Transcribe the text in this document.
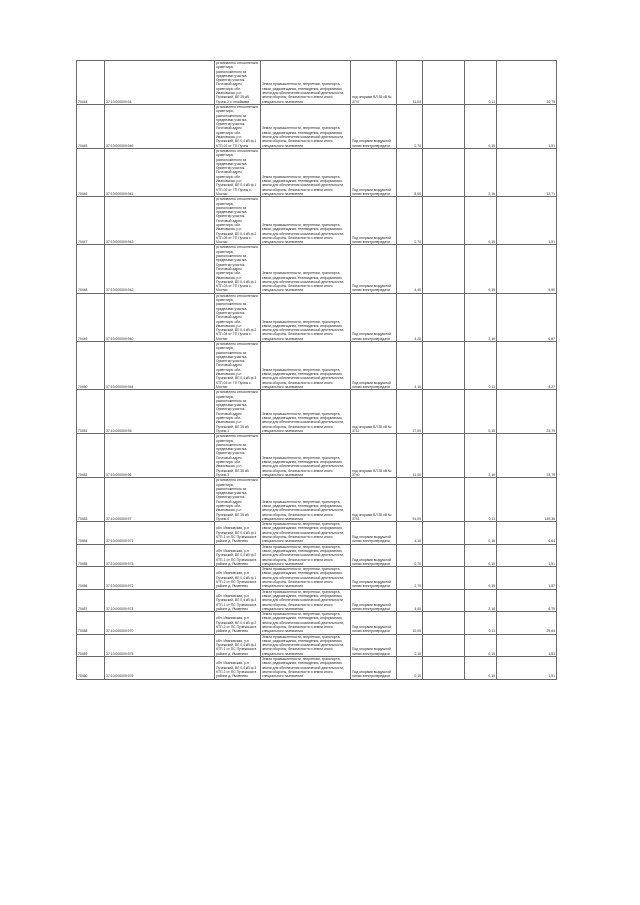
70444	37:10:000000:94	установлено относительно ориентира, расположенного за пределами участка. Ориентир участок. Почтовый адрес ориентира: обл. Ивановская, р-н Пучежский, ВЛ 35 кВ Пучеж-2 с отпайками	Земли промышленности, энергетики, транспорта, связи, радиовещания, телевидения, информатики, земли для обеспечения космической деятельности, земли обороны, безопасности и земли иного специального назначения	под опорами ВЛ 35 кВ № 3747	11,00		0,11	20,79
70445	37:10:000000:946	установлено относительно ориентира, расположенного за пределами участка. Ориентир участок. Почтовый адрес ориентира: обл. Ивановская, р-н Пучежский, ВЛ 0,4 кВ ф.1 КТП-01 от ТП Пучеж	Земли промышленности, энергетики, транспорта, связи, радиовещания, телевидения, информатики, земли для обеспечения космической деятельности, земли обороны, безопасности и земли иного специального назначения	Под опорами воздушной линии электропередачи	0,70		0,15	1,51
70446	37:10:000000:941	установлено относительно ориентира, расположенного за пределами участка. Ориентир участок. Почтовый адрес ориентира: обл. Ивановская, р-н Пучежский, ВЛ 0,4 кВ ф.1 КТП-02 от ТП Пучеж с. Мостки	Земли промышленности, энергетики, транспорта, связи, радиовещания, телевидения, информатики, земли для обеспечения космической деятельности, земли обороны, безопасности и земли иного специального назначения	Под опорами воздушной линии электропередачи	8,00		2,16	12,71
70447	37:10:000000:943	установлено относительно ориентира, расположенного за пределами участка. Ориентир участок. Почтовый адрес ориентира: обл. Ивановская, р-н Пучежский, ВЛ 0,4 кВ ф.2 КТП-05 от ТП Пучеж с. Мостки	Земли промышленности, энергетики, транспорта, связи, радиовещания, телевидения, информатики, земли для обеспечения космической деятельности, земли обороны, безопасности и земли иного специального назначения	Под опорами воздушной линии электропередачи	0,70		0,15	1,51
70448	37:10:000000:942	установлено относительно ориентира, расположенного за пределами участка. Ориентир участок. Почтовый адрес ориентира: обл. Ивановская, р-н Пучежский, ВЛ 0,4 кВ ф.1 КТП-03 от ТП Пучеж с. Мостки	Земли промышленности, энергетики, транспорта, связи, радиовещания, телевидения, информатики, земли для обеспечения космической деятельности, земли обороны, безопасности и земли иного специального назначения	Под опорами воздушной линии электропередачи	4,40		0,15	9,50
70449	37:10:000000:940	установлено относительно ориентира, расположенного за пределами участка. Ориентир участок. Почтовый адрес ориентира: обл. Ивановская, р-н Пучежский, ВЛ 0,4 кВ ф.2 КТП-04 от ТП Пучеж с. Мостки	Земли промышленности, энергетики, транспорта, связи, радиовещания, телевидения, информатики, земли для обеспечения космической деятельности, земли обороны, безопасности и земли иного специального назначения	Под опорами воздушной линии электропередачи	4,20		2,16	6,67
70450	37:10:000000:944	установлено относительно ориентира, расположенного за пределами участка. Ориентир участок. Почтовый адрес ориентира: обл. Ивановская, р-н Пучежский, ВЛ 0,4 кВ ф.3 КТП-03 от ТП Пучеж с. Мостки	Земли промышленности, энергетики, транспорта, связи, радиовещания, телевидения, информатики, земли для обеспечения космической деятельности, земли обороны, безопасности и земли иного специального назначения	Под опорами воздушной линии электропередачи	4,10		0,11	4,27
70451	37:10:000000:95	установлено относительно ориентира, расположенного за пределами участка. Ориентир участок. Почтовый адрес ориентира: обл. Ивановская, р-н Пучежский, ВЛ 35 кВ Пучеж-1	Земли промышленности, энергетики, транспорта, связи, радиовещания, телевидения, информатики, земли для обеспечения космической деятельности, земли обороны, безопасности и земли иного специального назначения	под опорами ВЛ 35 кВ № 3711	17,00		0,15	23,79
70452	37:10:000000:96	установлено относительно ориентира, расположенного за пределами участка. Ориентир участок. Почтовый адрес ориентира: обл. Ивановская, р-н Пучежский, ВЛ 35 кВ Пучеж-3	Земли промышленности, энергетики, транспорта, связи, радиовещания, телевидения, информатики, земли для обеспечения космической деятельности, земли обороны, безопасности и земли иного специального назначения	под опорами ВЛ 35 кВ № 3740	11,00		2,16	23,79
70453	37:10:000000:97	установлено относительно ориентира, расположенного за пределами участка. Ориентир участок. Почтовый адрес ориентира: обл. Ивановская, р-н Пучежский, ВЛ 35 кВ Пучеж-4	Земли промышленности, энергетики, транспорта, связи, радиовещания, телевидения, информатики, земли для обеспечения космической деятельности, земли обороны, безопасности и земли иного специального назначения	под опорами ВЛ 35 кВ № 3741	91,00		0,11	149,36
70454	37:10:000000:971	обл. Ивановская, р-н Пучежский, ВЛ 0,4 кВ ф.1 КТП-1 от ПС Пучежская в районе д. Ячменево	Земли промышленности, энергетики, транспорта, связи, радиовещания, телевидения, информатики, земли для обеспечения космической деятельности, земли обороны, безопасности и земли иного специального назначения	Под опорами воздушной линии электропередачи	4,10		0,16	6,64
70455	37:10:000000:973	обл. Ивановская, р-н Пучежский, ВЛ 0,4 кВ ф.2 КТП-1 от ПС Пучежская в районе д. Ячменево	Земли промышленности, энергетики, транспорта, связи, радиовещания, телевидения, информатики, земли для обеспечения космической деятельности, земли обороны, безопасности и земли иного специального назначения	Под опорами воздушной линии электропередачи	0,70		0,15	1,51
70456	37:10:000000:972	обл. Ивановская, р-н Пучежский, ВЛ 0,4 кВ ф.1 КТП-2 от ПС Пучежская в районе д. Ячменево	Земли промышленности, энергетики, транспорта, связи, радиовещания, телевидения, информатики, земли для обеспечения космической деятельности, земли обороны, безопасности и земли иного специального назначения	Под опорами воздушной линии электропередачи	2,70		0,15	1,87
70457	37:10:000000:974	обл. Ивановская, р-н Пучежский, ВЛ 0,4 кВ ф.3 КТП-1 от ПС Пучежская в районе д. Ячменево	Земли промышленности, энергетики, транспорта, связи, радиовещания, телевидения, информатики, земли для обеспечения космической деятельности, земли обороны, безопасности и земли иного специального назначения	Под опорами воздушной линии электропередачи	4,00		2,16	6,79
70458	37:10:000000:970	обл. Ивановская, р-н Пучежский, ВЛ 0,4 кВ ф.2 КТП-2 от ПС Пучежская в районе д. Ячменево	Земли промышленности, энергетики, транспорта, связи, радиовещания, телевидения, информатики, земли для обеспечения космической деятельности, земли обороны, безопасности и земли иного специального назначения	Под опорами воздушной линии электропередачи	10,00		0,11	29,64
70459	37:10:000000:975	обл. Ивановская, р-н Пучежский, ВЛ 0,4 кВ ф.4 КТП-1 от ПС Пучежская в районе д. Ячменево	Земли промышленности, энергетики, транспорта, связи, радиовещания, телевидения, информатики, земли для обеспечения космической деятельности, земли обороны, безопасности и земли иного специального назначения	Под опорами воздушной линии электропередачи	0,10		0,15	1,51
70460	37:10:000000:976	обл. Ивановская, р-н Пучежский, ВЛ 0,4 кВ ф.3 КТП-2 от ПС Пучежская в районе д. Ячменево	Земли промышленности, энергетики, транспорта, связи, радиовещания, телевидения, информатики, земли для обеспечения космической деятельности, земли обороны, безопасности и земли иного специального назначения	Под опорами воздушной линии электропередачи	0,10		0,15	1,51
